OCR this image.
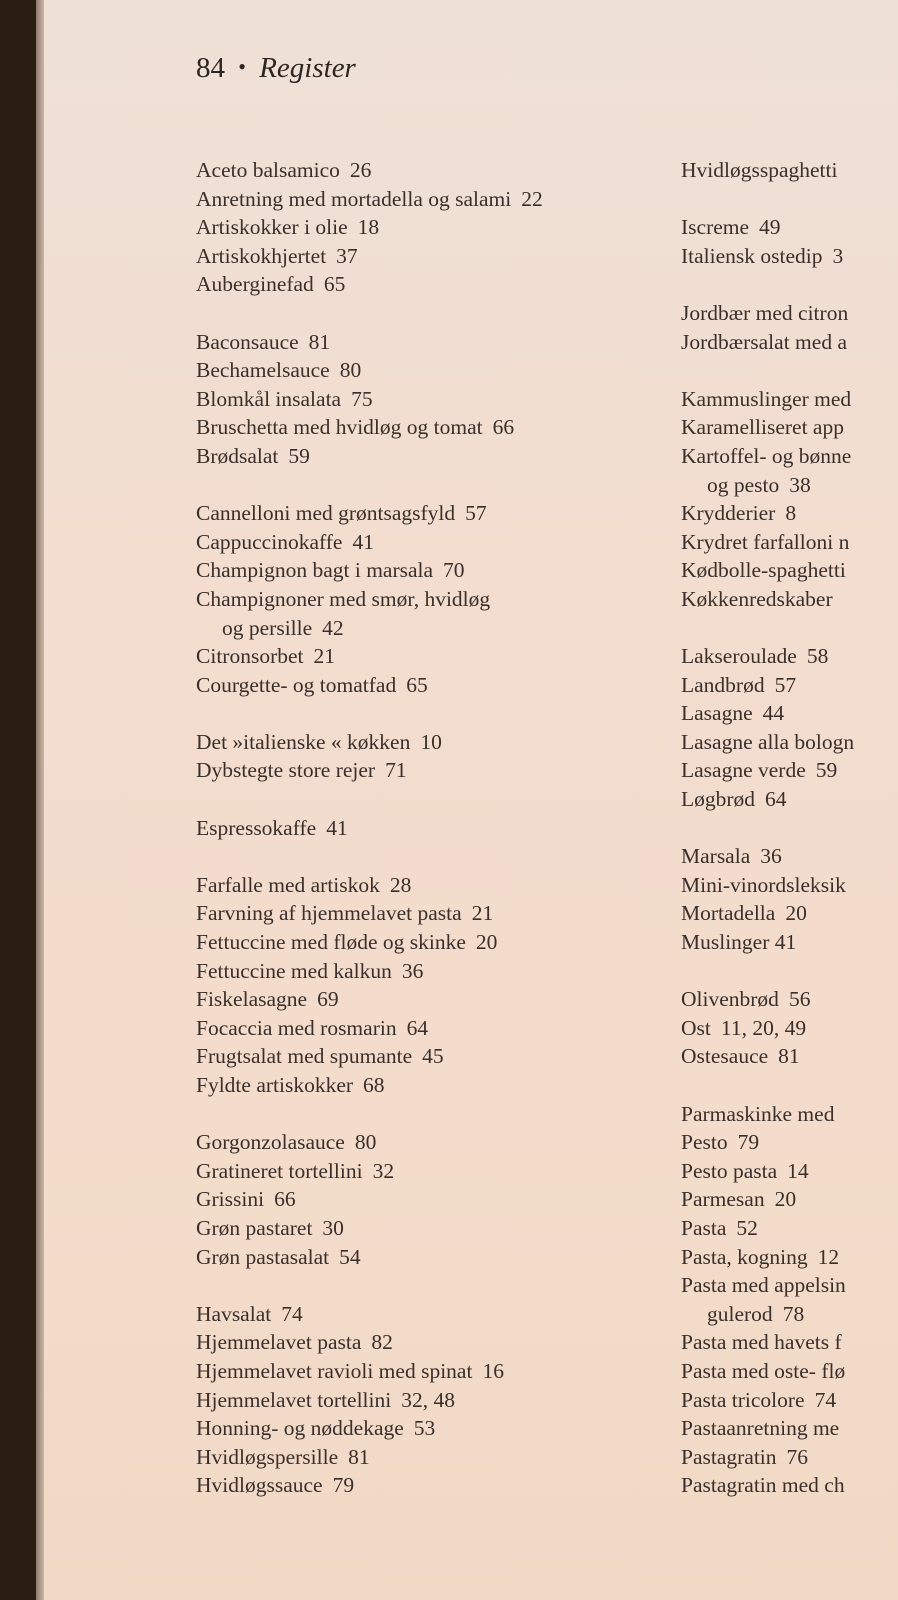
84 • Register
Aceto balsamico 26
Anretning med mortadella og salami 22
Artiskokker i olie 18
Artiskokhjertet 37
Auberginefad 65
Baconsauce 81
Bechamelsauce 80
Blomkål insalata 75
Bruschetta med hvidløg og tomat 66
Brødsalat 59
Cannelloni med grøntsagsfyld 57
Cappuccinokaffe 41
Champignon bagt i marsala 70
Champignoner med smør, hvidløg
og persille 42
Citronsorbet 21
Courgette- og tomatfad 65
Det »italienske « køkken 10
Dybstegte store rejer 71
Espressokaffe 41
Farfalle med artiskok 28
Farvning af hjemmelavet pasta 21
Fettuccine med fløde og skinke 20
Fettuccine med kalkun 36
Fiskelasagne 69
Focaccia med rosmarin 64
Frugtsalat med spumante 45
Fyldte artiskokker 68
Gorgonzolasauce 80
Gratineret tortellini 32
Grissini 66
Grøn pastaret 30
Grøn pastasalat 54
Havsalat 74
Hjemmelavet pasta 82
Hjemmelavet ravioli med spinat 16
Hjemmelavet tortellini 32, 48
Honning- og nøddekage 53
Hvidløgspersille 81
Hvidløgssauce 79
Hvidløgsspaghetti
Iscreme 49
Italiensk ostedip 3
Jordbær med citron
Jordbærsalat med a
Kammuslinger med
Karamelliseret app
Kartoffel- og bønne
og pesto 38
Krydderier 8
Krydret farfalloni n
Kødbolle-spaghetti
Køkkenredskaber
Lakseroulade 58
Landbrød 57
Lasagne 44
Lasagne alla bologn
Lasagne verde 59
Løgbrød 64
Marsala 36
Mini-vinordsleksik
Mortadella 20
Muslinger 41
Olivenbrød 56
Ost 11, 20, 49
Ostesauce 81
Parmaskinke med
Pesto 79
Pesto pasta 14
Parmesan 20
Pasta 52
Pasta, kogning 12
Pasta med appelsin
gulerod 78
Pasta med havets f
Pasta med oste- flø
Pasta tricolore 74
Pastaanretning me
Pastagratin 76
Pastagratin med ch
